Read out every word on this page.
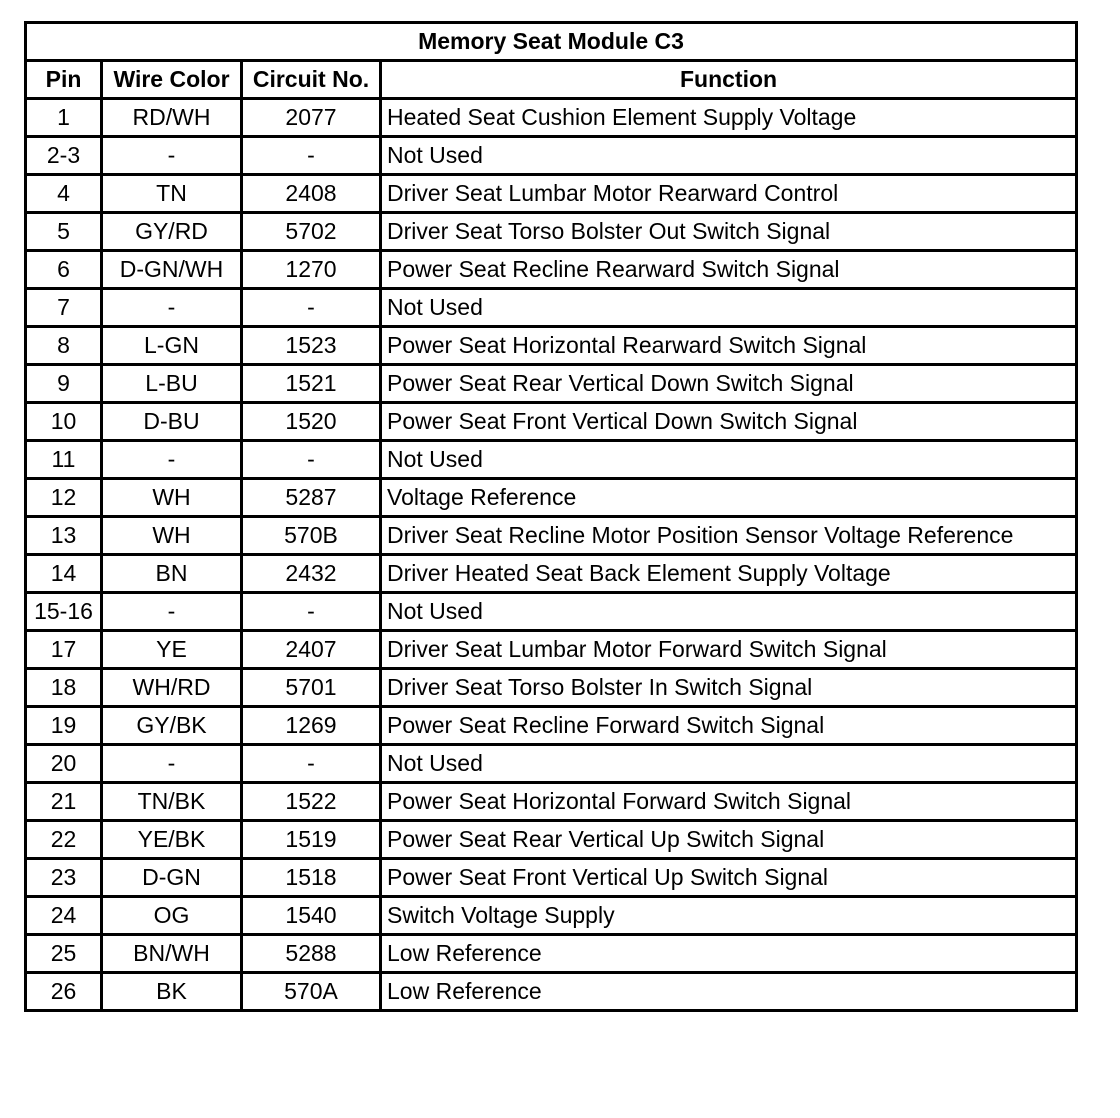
Memory Seat Module C3			
Pin	Wire Color	Circuit No.	Function
1	RD/WH	2077	Heated Seat Cushion Element Supply Voltage
2-3	-	-	Not Used
4	TN	2408	Driver Seat Lumbar Motor Rearward Control
5	GY/RD	5702	Driver Seat Torso Bolster Out Switch Signal
6	D-GN/WH	1270	Power Seat Recline Rearward Switch Signal
7	-	-	Not Used
8	L-GN	1523	Power Seat Horizontal Rearward Switch Signal
9	L-BU	1521	Power Seat Rear Vertical Down Switch Signal
10	D-BU	1520	Power Seat Front Vertical Down Switch Signal
11	-	-	Not Used
12	WH	5287	Voltage Reference
13	WH	570B	Driver Seat Recline Motor Position Sensor Voltage Reference
14	BN	2432	Driver Heated Seat Back Element Supply Voltage
15-16	-	-	Not Used
17	YE	2407	Driver Seat Lumbar Motor Forward Switch Signal
18	WH/RD	5701	Driver Seat Torso Bolster In Switch Signal
19	GY/BK	1269	Power Seat Recline Forward Switch Signal
20	-	-	Not Used
21	TN/BK	1522	Power Seat Horizontal Forward Switch Signal
22	YE/BK	1519	Power Seat Rear Vertical Up Switch Signal
23	D-GN	1518	Power Seat Front Vertical Up Switch Signal
24	OG	1540	Switch Voltage Supply
25	BN/WH	5288	Low Reference
26	BK	570A	Low Reference
